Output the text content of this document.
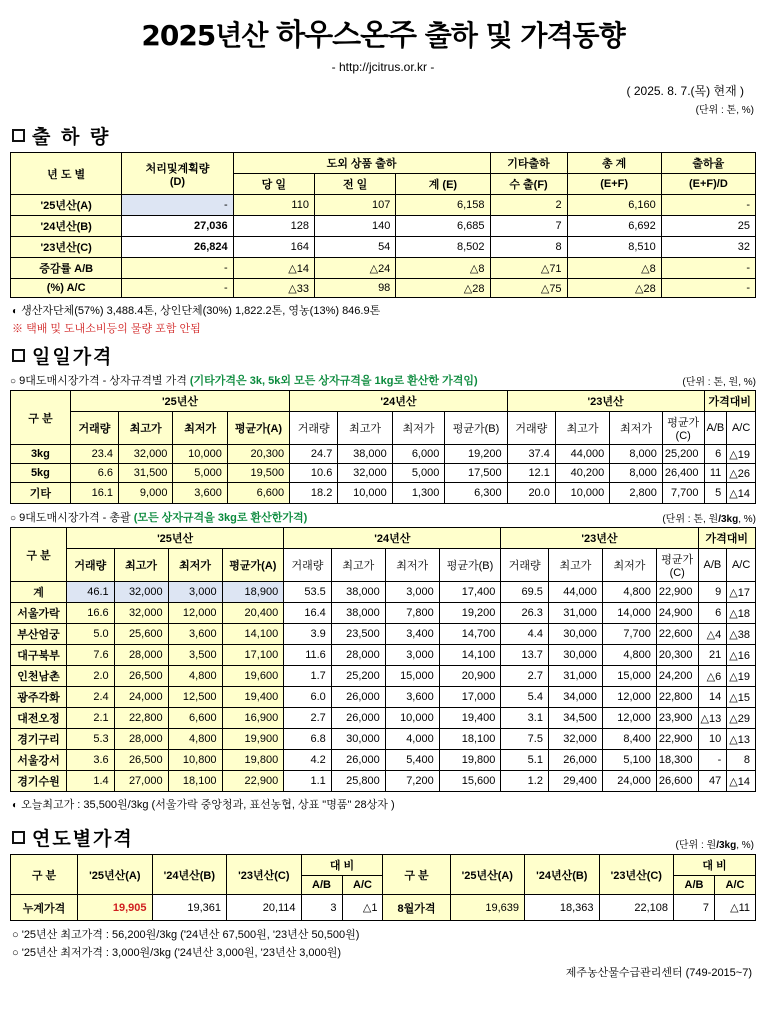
2025년산 하우스온주 출하 및 가격동향
- http://jcitrus.or.kr -
( 2025. 8. 7.(목) 현재 )
(단위 : 톤, %)
출 하 량
년 도 별	처리및계획량
(D)	도외 상품 출하			기타출하	총 계	출하율
		당 일	전 일	계 (E)	수 출(F)	(E+F)	(E+F)/D
'25년산(A)	-	110	107	6,158	2	6,160	-
'24년산(B)	27,036	128	140	6,685	7	6,692	25
'23년산(C)	26,824	164	54	8,502	8	8,510	32
증감률 A/B	-	△14	△24	△8	△71	△8	-
(%) A/C	-	△33	98	△28	△75	△28	-
◐ 생산자단체(57%) 3,488.4톤, 상인단체(30%) 1,822.2톤, 영농(13%) 846.9톤
※ 택배 및 도내소비등의 물량 포함 안됨
일일가격
○ 9대도매시장가격 - 상자규격별 가격 (기타가격은 3k, 5k외 모든 상자규격을 1kg로 환산한 가격임)	(단위 : 톤, 원, %)
구 분	'25년산				'24년산				'23년산				가격대비	
	거래량	최고가	최저가	평균가(A)	거래량	최고가	최저가	평균가(B)	거래량	최고가	최저가	평균가(C)	A/B	A/C
3kg	23.4	32,000	10,000	20,300	24.7	38,000	6,000	19,200	37.4	44,000	8,000	25,200	6	△19
5kg	6.6	31,500	5,000	19,500	10.6	32,000	5,000	17,500	12.1	40,200	8,000	26,400	11	△26
기타	16.1	9,000	3,600	6,600	18.2	10,000	1,300	6,300	20.0	10,000	2,800	7,700	5	△14
○ 9대도매시장가격 - 총괄 (모든 상자규격을 3kg로 환산한가격)	(단위 : 톤, 원/3kg, %)
구 분	'25년산				'24년산				'23년산				가격대비	
	거래량	최고가	최저가	평균가(A)	거래량	최고가	최저가	평균가(B)	거래량	최고가	최저가	평균가(C)	A/B	A/C
계	46.1	32,000	3,000	18,900	53.5	38,000	3,000	17,400	69.5	44,000	4,800	22,900	9	△17
서울가락	16.6	32,000	12,000	20,400	16.4	38,000	7,800	19,200	26.3	31,000	14,000	24,900	6	△18
부산엄궁	5.0	25,600	3,600	14,100	3.9	23,500	3,400	14,700	4.4	30,000	7,700	22,600	△4	△38
대구북부	7.6	28,000	3,500	17,100	11.6	28,000	3,000	14,100	13.7	30,000	4,800	20,300	21	△16
인천남촌	2.0	26,500	4,800	19,600	1.7	25,200	15,000	20,900	2.7	31,000	15,000	24,200	△6	△19
광주각화	2.4	24,000	12,500	19,400	6.0	26,000	3,600	17,000	5.4	34,000	12,000	22,800	14	△15
대전오정	2.1	22,800	6,600	16,900	2.7	26,000	10,000	19,400	3.1	34,500	12,000	23,900	△13	△29
경기구리	5.3	28,000	4,800	19,900	6.8	30,000	4,000	18,100	7.5	32,000	8,400	22,900	10	△13
서울강서	3.6	26,500	10,800	19,800	4.2	26,000	5,400	19,800	5.1	26,000	5,100	18,300	-	8
경기수원	1.4	27,000	18,100	22,900	1.1	25,800	7,200	15,600	1.2	29,400	24,000	26,600	47	△14
◐ 오늘최고가 : 35,500원/3kg (서울가락 중앙청과, 표선농협, 상표 "명품" 28상자 )
연도별가격	(단위 : 원/3kg, %)
구 분	'25년산(A)	'24년산(B)	'23년산(C)	대 비		구 분	'25년산(A)	'24년산(B)	'23년산(C)	대 비	
				A/B	A/C					A/B	A/C
누계가격	19,905	19,361	20,114	3	△1	8월가격	19,639	18,363	22,108	7	△11
○ '25년산 최고가격 : 56,200원/3kg ('24년산 67,500원, '23년산 50,500원)
○ '25년산 최저가격 : 3,000원/3kg ('24년산 3,000원, '23년산 3,000원)
제주농산물수급관리센터 (749-2015~7)
